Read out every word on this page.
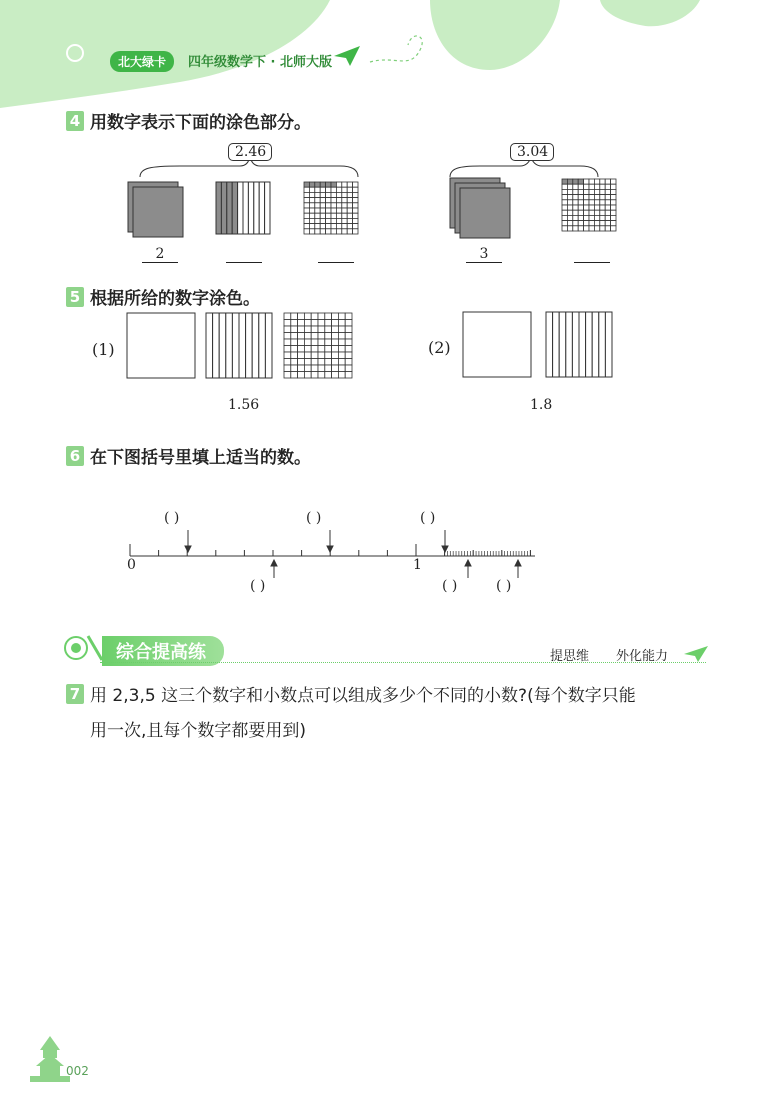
北大绿卡	四年级数学下 · 北师大版
4 用数字表示下面的涂色部分。
2.46	3.04
2	3
5 根据所给的数字涂色。
(1)	(2)
1.56	1.8
6 在下图括号里填上适当的数。
0	1
( )	( )	( )
( )	( )	( )
综合提高练	提思维 外化能力
7 用 2,3,5 这三个数字和小数点可以组成多少个不同的小数?(每个数字只能
用一次,且每个数字都要用到)
002
